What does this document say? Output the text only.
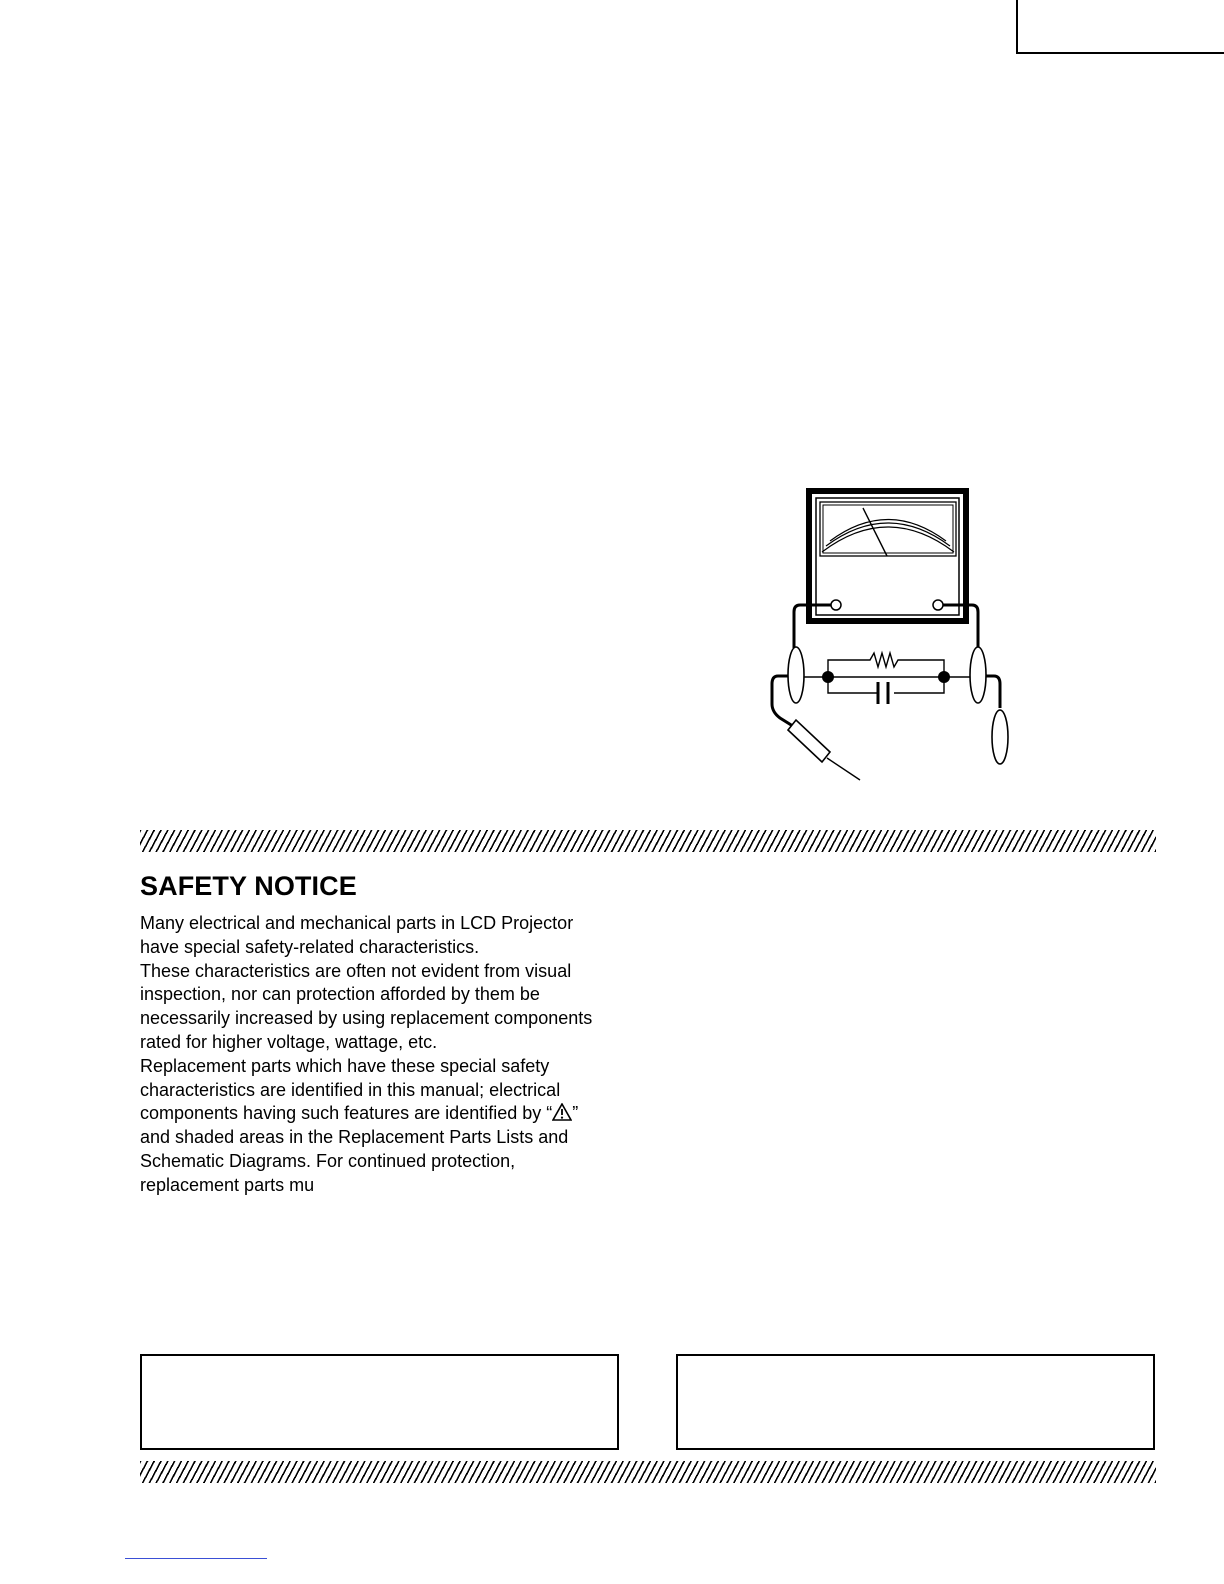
SAFETY NOTICE
Many electrical and mechanical parts in LCD Projector
have special safety-related characteristics.
These characteristics are often not evident from visual
inspection, nor can protection afforded by them be
necessarily increased by using replacement components
rated for higher voltage, wattage, etc.
Replacement parts which have these special safety
characteristics are identified in this manual; electrical
components having such features are identified by “ ”
and shaded areas in the Replacement Parts Lists and
Schematic Diagrams. For continued protection,
replacement parts mu
